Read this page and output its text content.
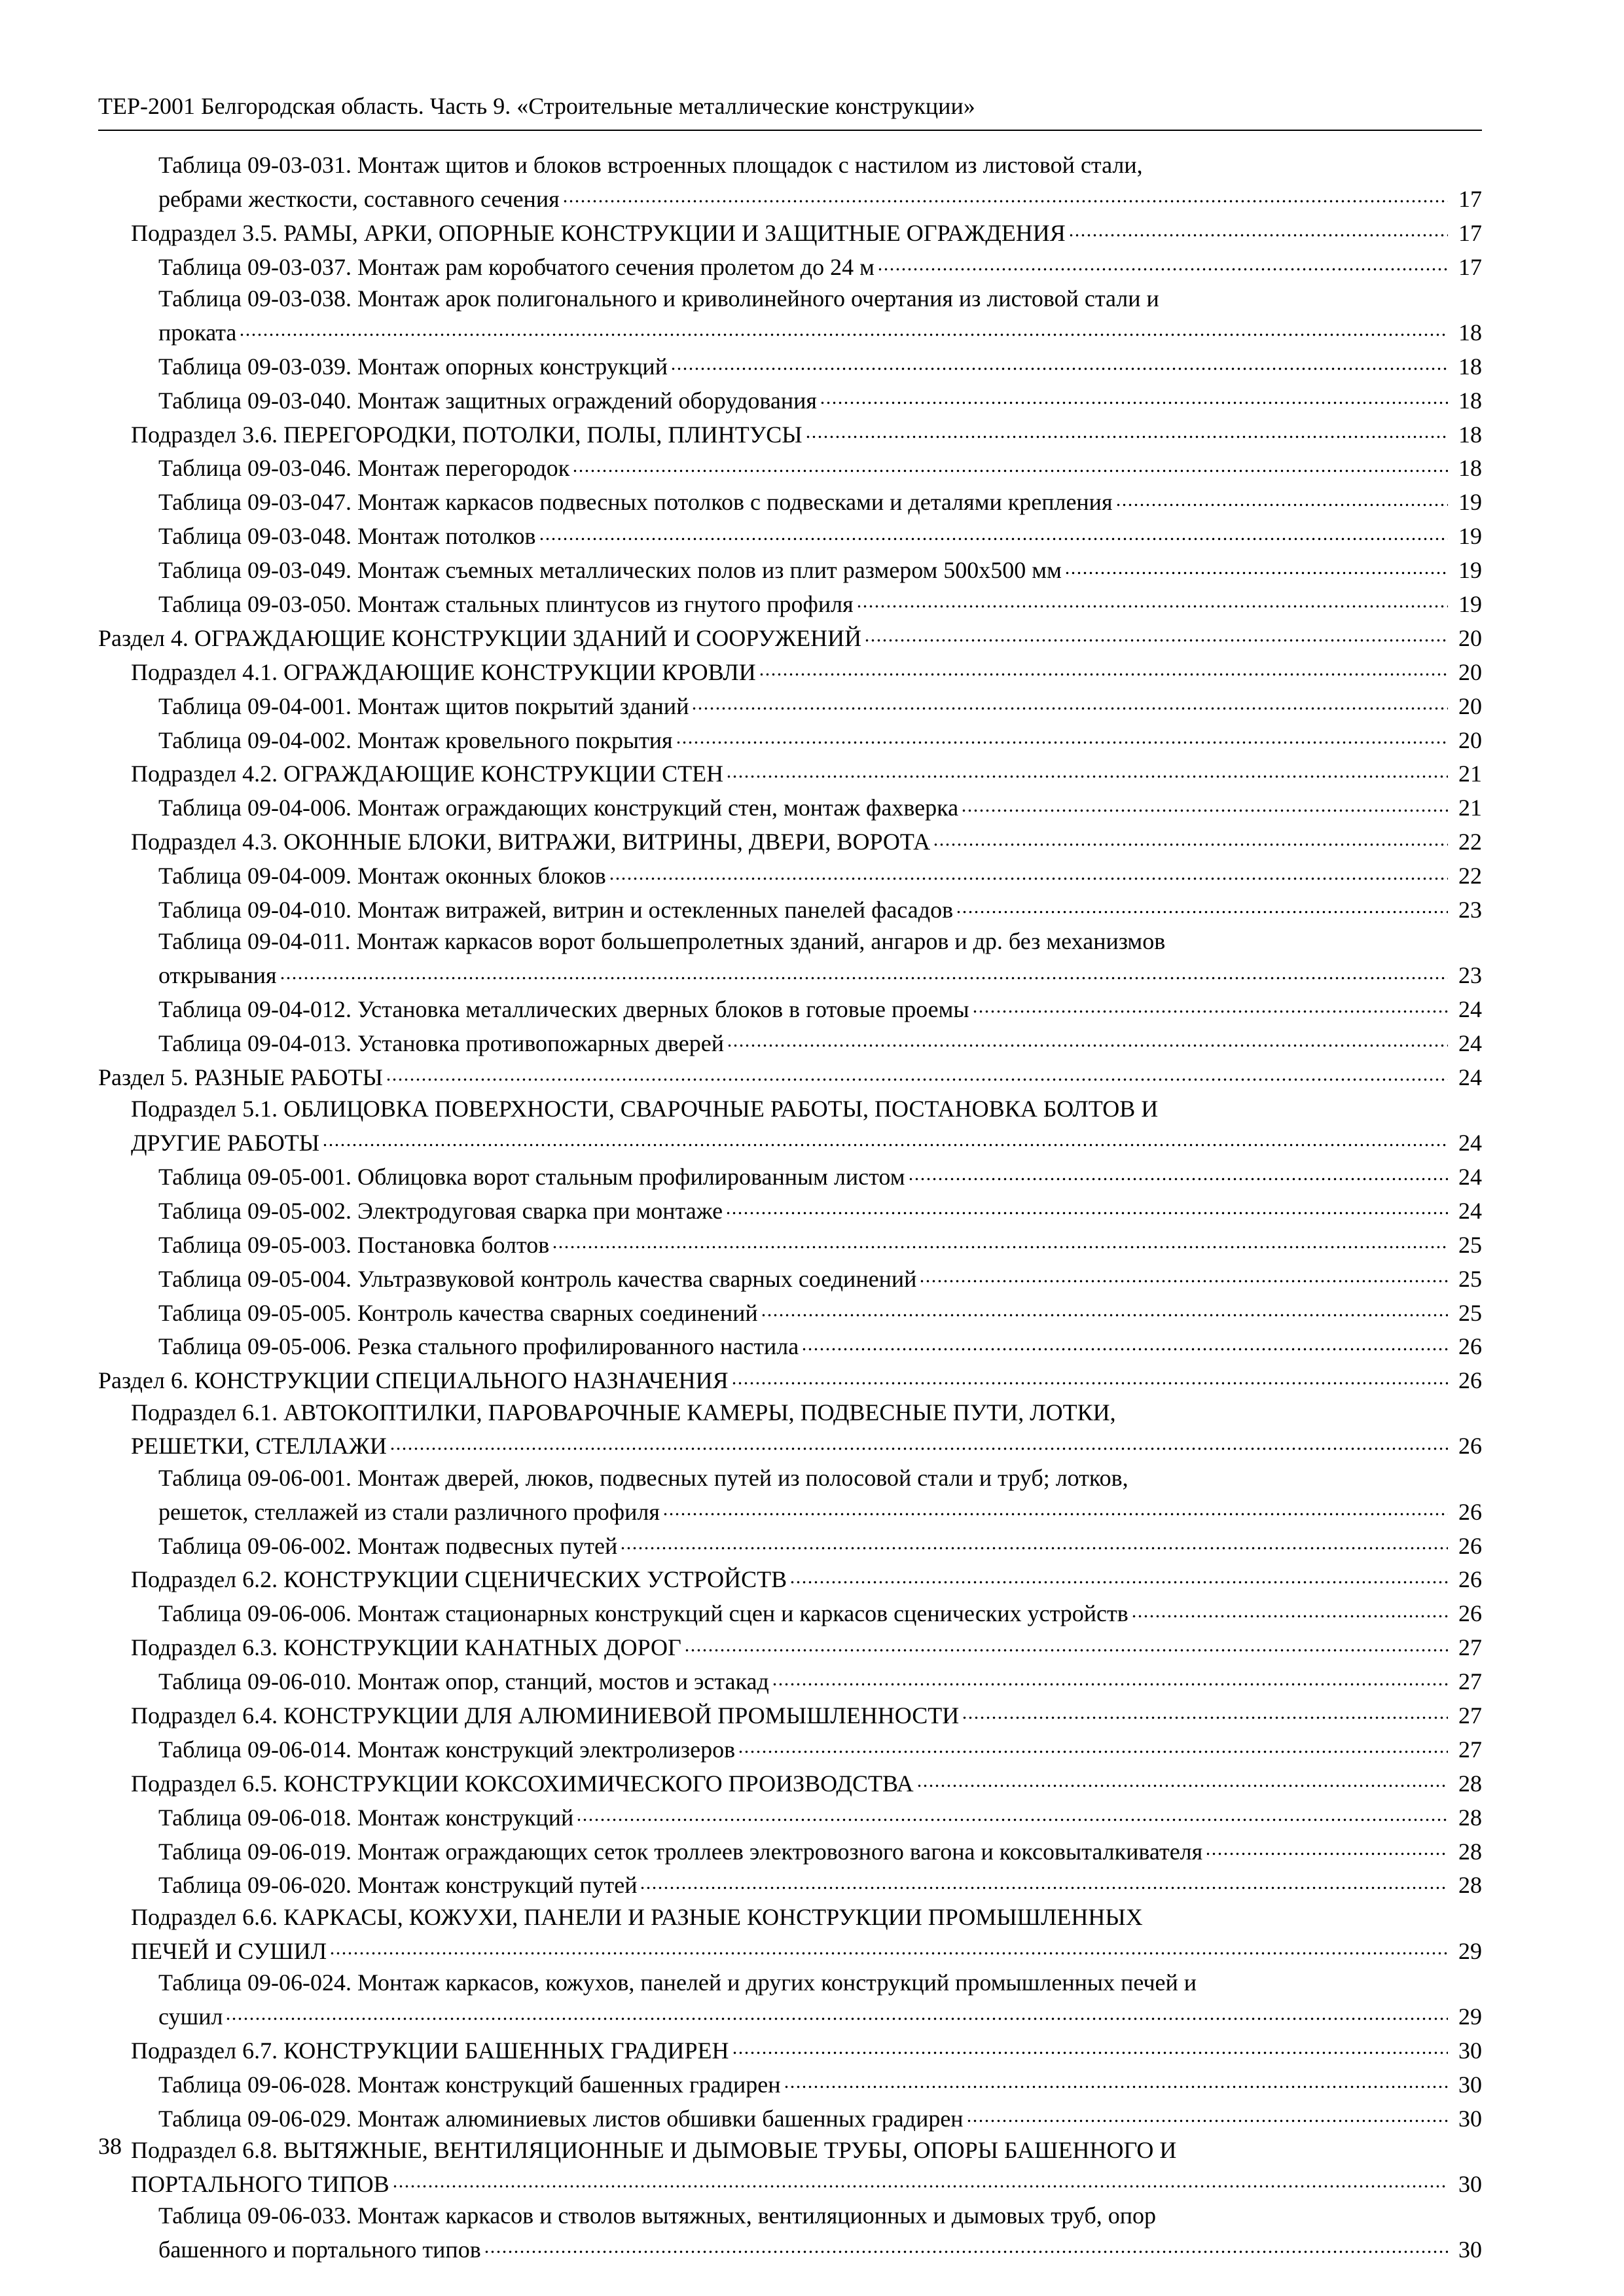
ТЕР-2001 Белгородская область. Часть 9. «Строительные металлические конструкции»
Таблица 09-03-031. Монтаж щитов и блоков встроенных площадок с настилом из листовой стали,
ребрами жесткости, составного сечения	17
Подраздел 3.5. РАМЫ, АРКИ, ОПОРНЫЕ КОНСТРУКЦИИ И ЗАЩИТНЫЕ ОГРАЖДЕНИЯ	17
Таблица 09-03-037. Монтаж рам коробчатого сечения пролетом до 24 м	17
Таблица 09-03-038. Монтаж арок полигонального и криволинейного очертания из листовой стали и
проката	18
Таблица 09-03-039. Монтаж опорных конструкций	18
Таблица 09-03-040. Монтаж защитных ограждений оборудования	18
Подраздел 3.6. ПЕРЕГОРОДКИ, ПОТОЛКИ, ПОЛЫ, ПЛИНТУСЫ	18
Таблица 09-03-046. Монтаж перегородок	18
Таблица 09-03-047. Монтаж каркасов подвесных потолков с подвесками и деталями крепления	19
Таблица 09-03-048. Монтаж потолков	19
Таблица 09-03-049. Монтаж съемных металлических полов из плит размером 500х500 мм	19
Таблица 09-03-050. Монтаж стальных плинтусов из гнутого профиля	19
Раздел 4. ОГРАЖДАЮЩИЕ КОНСТРУКЦИИ ЗДАНИЙ И СООРУЖЕНИЙ	20
Подраздел 4.1. ОГРАЖДАЮЩИЕ КОНСТРУКЦИИ КРОВЛИ	20
Таблица 09-04-001. Монтаж щитов покрытий зданий	20
Таблица 09-04-002. Монтаж кровельного покрытия	20
Подраздел 4.2. ОГРАЖДАЮЩИЕ КОНСТРУКЦИИ СТЕН	21
Таблица 09-04-006. Монтаж ограждающих конструкций стен, монтаж фахверка	21
Подраздел 4.3. ОКОННЫЕ БЛОКИ, ВИТРАЖИ, ВИТРИНЫ, ДВЕРИ, ВОРОТА	22
Таблица 09-04-009. Монтаж оконных блоков	22
Таблица 09-04-010. Монтаж витражей, витрин и остекленных панелей фасадов	23
Таблица 09-04-011. Монтаж каркасов ворот большепролетных зданий, ангаров и др. без механизмов
открывания	23
Таблица 09-04-012. Установка металлических дверных блоков в готовые проемы	24
Таблица 09-04-013. Установка противопожарных дверей	24
Раздел 5. РАЗНЫЕ РАБОТЫ	24
Подраздел 5.1. ОБЛИЦОВКА ПОВЕРХНОСТИ, СВАРОЧНЫЕ РАБОТЫ, ПОСТАНОВКА БОЛТОВ И
ДРУГИЕ РАБОТЫ	24
Таблица 09-05-001. Облицовка ворот стальным профилированным листом	24
Таблица 09-05-002. Электродуговая сварка при монтаже	24
Таблица 09-05-003. Постановка болтов	25
Таблица 09-05-004. Ультразвуковой контроль качества сварных соединений	25
Таблица 09-05-005. Контроль качества сварных соединений	25
Таблица 09-05-006. Резка стального профилированного настила	26
Раздел 6. КОНСТРУКЦИИ СПЕЦИАЛЬНОГО НАЗНАЧЕНИЯ	26
Подраздел 6.1. АВТОКОПТИЛКИ, ПАРОВАРОЧНЫЕ КАМЕРЫ, ПОДВЕСНЫЕ ПУТИ, ЛОТКИ,
РЕШЕТКИ, СТЕЛЛАЖИ	26
Таблица 09-06-001. Монтаж дверей, люков, подвесных путей из полосовой стали и труб; лотков,
решеток, стеллажей из стали различного профиля	26
Таблица 09-06-002. Монтаж подвесных путей	26
Подраздел 6.2. КОНСТРУКЦИИ СЦЕНИЧЕСКИХ УСТРОЙСТВ	26
Таблица 09-06-006. Монтаж стационарных конструкций сцен и каркасов сценических устройств	26
Подраздел 6.3. КОНСТРУКЦИИ КАНАТНЫХ ДОРОГ	27
Таблица 09-06-010. Монтаж опор, станций, мостов и эстакад	27
Подраздел 6.4. КОНСТРУКЦИИ ДЛЯ АЛЮМИНИЕВОЙ ПРОМЫШЛЕННОСТИ	27
Таблица 09-06-014. Монтаж конструкций электролизеров	27
Подраздел 6.5. КОНСТРУКЦИИ КОКСОХИМИЧЕСКОГО ПРОИЗВОДСТВА	28
Таблица 09-06-018. Монтаж конструкций	28
Таблица 09-06-019. Монтаж ограждающих сеток троллеев электровозного вагона и коксовыталкивателя	28
Таблица 09-06-020. Монтаж конструкций путей	28
Подраздел 6.6. КАРКАСЫ, КОЖУХИ, ПАНЕЛИ И РАЗНЫЕ КОНСТРУКЦИИ ПРОМЫШЛЕННЫХ
ПЕЧЕЙ И СУШИЛ	29
Таблица 09-06-024. Монтаж каркасов, кожухов, панелей и других конструкций промышленных печей и
сушил	29
Подраздел 6.7. КОНСТРУКЦИИ БАШЕННЫХ ГРАДИРЕН	30
Таблица 09-06-028. Монтаж конструкций башенных градирен	30
Таблица 09-06-029. Монтаж алюминиевых листов обшивки башенных градирен	30
Подраздел 6.8. ВЫТЯЖНЫЕ, ВЕНТИЛЯЦИОННЫЕ И ДЫМОВЫЕ ТРУБЫ, ОПОРЫ БАШЕННОГО И
ПОРТАЛЬНОГО ТИПОВ	30
Таблица 09-06-033. Монтаж каркасов и стволов вытяжных, вентиляционных и дымовых труб, опор
башенного и портального типов	30
38
